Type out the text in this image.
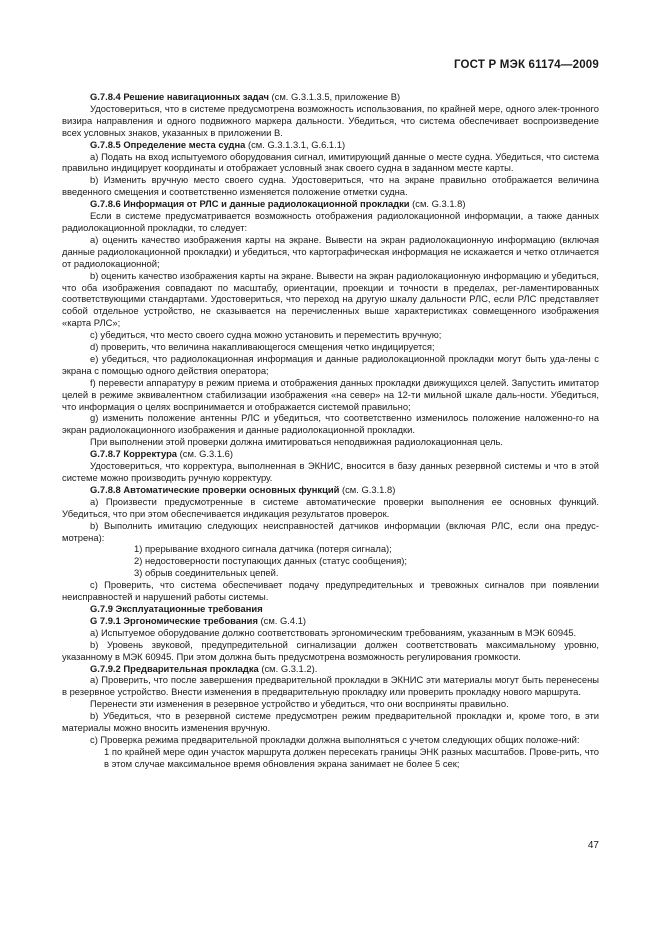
ГОСТ Р МЭК 61174—2009

G.7.8.4 Решение навигационных задач (см. G.3.1.3.5, приложение В)

Удостовериться, что в системе предусмотрена возможность использования, по крайней мере, одного элек-тронного визира направления и одного подвижного маркера дальности. Убедиться, что система обеспечивает воспроизведение всех условных знаков, указанных в приложении В.

G.7.8.5 Определение места судна (см. G.3.1.3.1, G.6.1.1)

а) Подать на вход испытуемого оборудования сигнал, имитирующий данные о месте судна. Убедиться, что система правильно индицирует координаты и отображает условный знак своего судна в заданном месте карты.

b) Изменить вручную место своего судна. Удостовериться, что на экране правильно отображается величина введенного смещения и соответственно изменяется положение отметки судна.

G.7.8.6 Информация от РЛС и данные радиолокационной прокладки (см. G.3.1.8)

Если в системе предусматривается возможность отображения радиолокационной информации, а также данных радиолокационной прокладки, то следует:

а) оценить качество изображения карты на экране. Вывести на экран радиолокационную информацию (включая данные радиолокационной прокладки) и убедиться, что картографическая информация не искажается и четко отличается от радиолокационной;

b) оценить качество изображения карты на экране. Вывести на экран радиолокационную информацию и убедиться, что оба изображения совпадают по масштабу, ориентации, проекции и точности в пределах, рег-ламентированных соответствующими стандартами. Удостовериться, что переход на другую шкалу дальности РЛС, если РЛС представляет собой отдельное устройство, не сказывается на перечисленных выше характеристиках совмещенного изображения «карта РЛС»;

с) убедиться, что место своего судна можно установить и переместить вручную;

d) проверить, что величина накапливающегося смещения четко индицируется;

е) убедиться, что радиолокационная информация и данные радиолокационной прокладки могут быть уда-лены с экрана с помощью одного действия оператора;

f) перевести аппаратуру в режим приема и отображения данных прокладки движущихся целей. Запустить имитатор целей в режиме эквивалентном стабилизации изображения «на север» на 12-ти мильной шкале даль-ности. Убедиться, что информация о целях воспринимается и отображается системой правильно;

g) изменить положение антенны РЛС и убедиться, что соответственно изменилось положение наложенно-го на экран радиолокационного изображения и данные радиолокационной прокладки.

При выполнении этой проверки должна имитироваться неподвижная радиолокационная цель.

G.7.8.7 Корректура (см. G.3.1.6)

Удостовериться, что корректура, выполненная в ЭКНИС, вносится в базу данных резервной системы и что в этой системе можно производить ручную корректуру.

G.7.8.8 Автоматические проверки основных функций (см. G.3.1.8)

а) Произвести предусмотренные в системе автоматические проверки выполнения ее основных функций. Убедиться, что при этом обеспечивается индикация результатов проверок.

b) Выполнить имитацию следующих неисправностей датчиков информации (включая РЛС, если она предус-мотрена):

1) прерывание входного сигнала датчика (потеря сигнала);

2) недостоверности поступающих данных (статус сообщения);

3) обрыв соединительных цепей.

с) Проверить, что система обеспечивает подачу предупредительных и тревожных сигналов при появлении неисправностей и нарушений работы системы.

G.7.9 Эксплуатационные требования

G 7.9.1 Эргономические требования (см. G.4.1)

а) Испытуемое оборудование должно соответствовать эргономическим требованиям, указанным в МЭК 60945.

b) Уровень звуковой, предупредительной сигнализации должен соответствовать максимальному уровню, указанному в МЭК 60945. При этом должна быть предусмотрена возможность регулирования громкости.

G.7.9.2 Предварительная прокладка (см. G.3.1.2).

а) Проверить, что после завершения предварительной прокладки в ЭКНИС эти материалы могут быть перенесены в резервное устройство. Внести изменения в предварительную прокладку или проверить прокладку нового маршрута.

Перенести эти изменения в резервное устройство и убедиться, что они восприняты правильно.

b) Убедиться, что в резервной системе предусмотрен режим предварительной прокладки и, кроме того, в эти материалы можно вносить изменения вручную.

с) Проверка режима предварительной прокладки должна выполняться с учетом следующих общих положе-ний:

1 по крайней мере один участок маршрута должен пересекать границы ЭНК разных масштабов. Прове-рить, что в этом случае максимальное время обновления экрана занимает не более 5 сек;

47
